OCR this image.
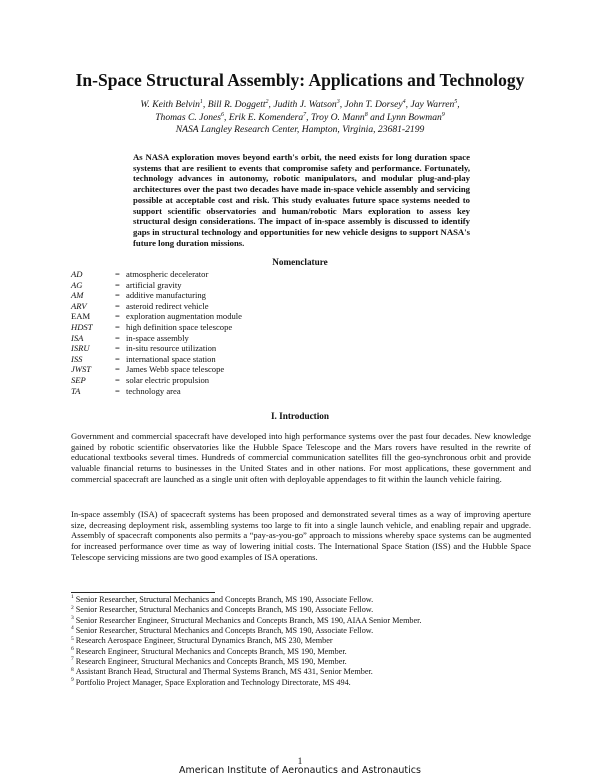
In-Space Structural Assembly: Applications and Technology
W. Keith Belvin$^1$, Bill R. Doggett$^2$, Judith J. Watson$^3$, John T. Dorsey$^4$, Jay Warren$^5$,
Thomas C. Jones$^6$, Erik E. Komendera$^7$, Troy O. Mann$^8$ and Lynn Bowman$^9$
NASA Langley Research Center, Hampton, Virginia, 23681-2199
As NASA exploration moves beyond earth's orbit, the need exists for long duration space systems that are resilient to events that compromise safety and performance. Fortunately, technology advances in autonomy, robotic manipulators, and modular plug-and-play architectures over the past two decades have made in-space vehicle assembly and servicing possible at acceptable cost and risk. This study evaluates future space systems needed to support scientific observatories and human/robotic Mars exploration to assess key structural design considerations. The impact of in-space assembly is discussed to identify gaps in structural technology and opportunities for new vehicle designs to support NASA's future long duration missions.
Nomenclature
AD	= atmospheric decelerator
AG	= artificial gravity
AM	= additive manufacturing
ARV	= asteroid redirect vehicle
EAM	= exploration augmentation module
HDST	= high definition space telescope
ISA	= in-space assembly
ISRU	= in-situ resource utilization
ISS	= international space station
JWST	= James Webb space telescope
SEP	= solar electric propulsion
TA	= technology area
I. Introduction

Government and commercial spacecraft have developed into high performance systems over the past four decades. New knowledge gained by robotic scientific observatories like the Hubble Space Telescope and the Mars rovers have resulted in the rewrite of educational textbooks several times. Hundreds of commercial communication satellites fill the geo-synchronous orbit and provide valuable financial returns to businesses in the United States and in other nations. For most applications, these government and commercial spacecraft are launched as a single unit often with deployable appendages to fit within the launch vehicle fairing.

In-space assembly (ISA) of spacecraft systems has been proposed and demonstrated several times as a way of improving aperture size, decreasing deployment risk, assembling systems too large to fit into a single launch vehicle, and enabling repair and upgrade. Assembly of spacecraft components also permits a “pay-as-you-go” approach to missions whereby space systems can be augmented for increased performance over time as way of lowering initial costs. The International Space Station (ISS) and the Hubble Space Telescope servicing missions are two good examples of ISA operations.

$^1$ Senior Researcher, Structural Mechanics and Concepts Branch, MS 190, Associate Fellow.
$^2$ Senior Researcher, Structural Mechanics and Concepts Branch, MS 190, Associate Fellow.
$^3$ Senior Researcher Engineer, Structural Mechanics and Concepts Branch, MS 190, AIAA Senior Member.
$^4$ Senior Researcher, Structural Mechanics and Concepts Branch, MS 190, Associate Fellow.
$^5$ Research Aerospace Engineer, Structural Dynamics Branch, MS 230, Member
$^6$ Research Engineer, Structural Mechanics and Concepts Branch, MS 190, Member.
$^7$ Research Engineer, Structural Mechanics and Concepts Branch, MS 190, Member.
$^8$ Assistant Branch Head, Structural and Thermal Systems Branch, MS 431, Senior Member.
$^9$ Portfolio Project Manager, Space Exploration and Technology Directorate, MS 494.
1
American Institute of Aeronautics and Astronautics
